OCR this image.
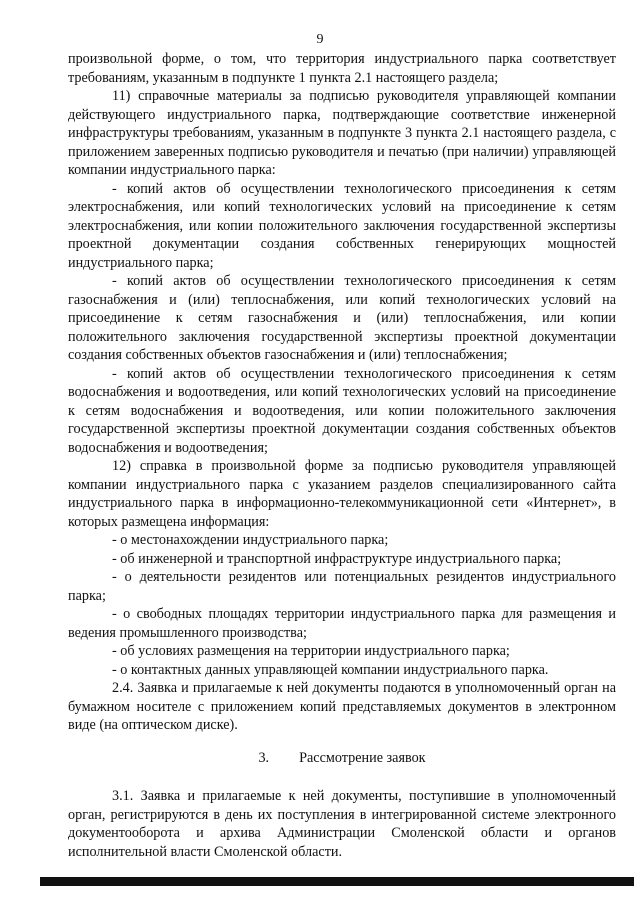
9

произвольной форме, о том, что территория индустриального парка соответствует требованиям, указанным в подпункте 1 пункта 2.1 настоящего раздела;

11) справочные материалы за подписью руководителя управляющей компании действующего индустриального парка, подтверждающие соответствие инженерной инфраструктуры требованиям, указанным в подпункте 3 пункта 2.1 настоящего раздела, с приложением заверенных подписью руководителя и печатью (при наличии) управляющей компании индустриального парка:

- копий актов об осуществлении технологического присоединения к сетям электроснабжения, или копий технологических условий на присоединение к сетям электроснабжения, или копии положительного заключения государственной экспертизы проектной документации создания собственных генерирующих мощностей индустриального парка;

- копий актов об осуществлении технологического присоединения к сетям газоснабжения и (или) теплоснабжения, или копий технологических условий на присоединение к сетям газоснабжения и (или) теплоснабжения, или копии положительного заключения государственной экспертизы проектной документации создания собственных объектов газоснабжения и (или) теплоснабжения;

- копий актов об осуществлении технологического присоединения к сетям водоснабжения и водоотведения, или копий технологических условий на присоединение к сетям водоснабжения и водоотведения, или копии положительного заключения государственной экспертизы проектной документации создания собственных объектов водоснабжения и водоотведения;

12) справка в произвольной форме за подписью руководителя управляющей компании индустриального парка с указанием разделов специализированного сайта индустриального парка в информационно-телекоммуникационной сети «Интернет», в которых размещена информация:

- о местонахождении индустриального парка;

- об инженерной и транспортной инфраструктуре индустриального парка;

- о деятельности резидентов или потенциальных резидентов индустриального парка;

- о свободных площадях территории индустриального парка для размещения и ведения промышленного производства;

- об условиях размещения на территории индустриального парка;

- о контактных данных управляющей компании индустриального парка.

2.4. Заявка и прилагаемые к ней документы подаются в уполномоченный орган на бумажном носителе с приложением копий представляемых документов в электронном виде (на оптическом диске).

3. Рассмотрение заявок

3.1. Заявка и прилагаемые к ней документы, поступившие в уполномоченный орган, регистрируются в день их поступления в интегрированной системе электронного документооборота и архива Администрации Смоленской области и органов исполнительной власти Смоленской области.
